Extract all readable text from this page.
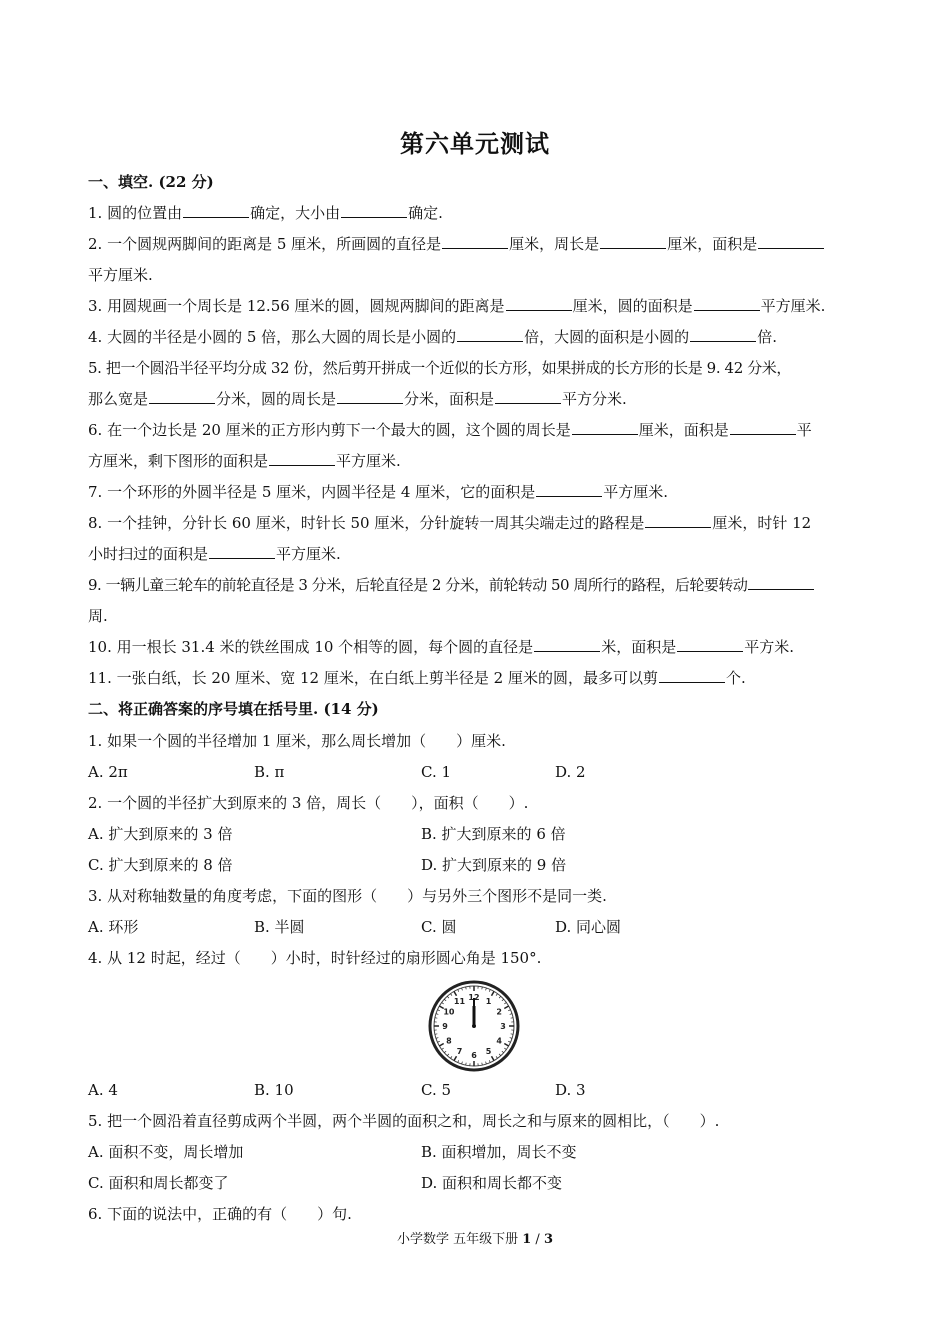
第六单元测试
一、填空. (22 分)
1. 圆的位置由	确定，大小由	确定.
2. 一个圆规两脚间的距离是 5 厘米，所画圆的直径是	厘米，周长是	厘米，面积是
平方厘米.
3. 用圆规画一个周长是 12.56 厘米的圆，圆规两脚间的距离是	厘米，圆的面积是	平方厘米.
4. 大圆的半径是小圆的 5 倍，那么大圆的周长是小圆的	倍，大圆的面积是小圆的	倍.
5. 把一个圆沿半径平均分成 32 份，然后剪开拼成一个近似的长方形，如果拼成的长方形的长是 9. 42 分米，
那么宽是	分米，圆的周长是	分米，面积是	平方分米.
6. 在一个边长是 20 厘米的正方形内剪下一个最大的圆，这个圆的周长是	厘米，面积是	平
方厘米，剩下图形的面积是	平方厘米.
7. 一个环形的外圆半径是 5 厘米，内圆半径是 4 厘米，它的面积是	平方厘米.
8. 一个挂钟，分针长 60 厘米，时针长 50 厘米，分针旋转一周其尖端走过的路程是	厘米，时针 12
小时扫过的面积是	平方厘米.
9. 一辆儿童三轮车的前轮直径是 3 分米，后轮直径是 2 分米，前轮转动 50 周所行的路程，后轮要转动
周.
10. 用一根长 31.4 米的铁丝围成 10 个相等的圆，每个圆的直径是	米，面积是	平方米.
11. 一张白纸，长 20 厘米、宽 12 厘米，在白纸上剪半径是 2 厘米的圆，最多可以剪	个.
二、将正确答案的序号填在括号里. (14 分)
1. 如果一个圆的半径增加 1 厘米，那么周长增加（　　）厘米.
A. 2π	B. π	C. 1	D. 2
2. 一个圆的半径扩大到原来的 3 倍，周长（　　），面积（　　）.
A. 扩大到原来的 3 倍	B. 扩大到原来的 6 倍
C. 扩大到原来的 8 倍	D. 扩大到原来的 9 倍
3. 从对称轴数量的角度考虑，下面的图形（　　）与另外三个图形不是同一类.
A. 环形	B. 半圆	C. 圆	D. 同心圆
4. 从 12 时起，经过（　　）小时，时针经过的扇形圆心角是 150°.
12 1
2
3
4
5
6
7
8
9
10
11
A. 4	B. 10	C. 5	D. 3
5. 把一个圆沿着直径剪成两个半圆，两个半圆的面积之和，周长之和与原来的圆相比，（　　）.
A. 面积不变，周长增加	B. 面积增加，周长不变
C. 面积和周长都变了	D. 面积和周长都不变
6. 下面的说法中，正确的有（　　）句.
小学数学 五年级下册 1 / 3
